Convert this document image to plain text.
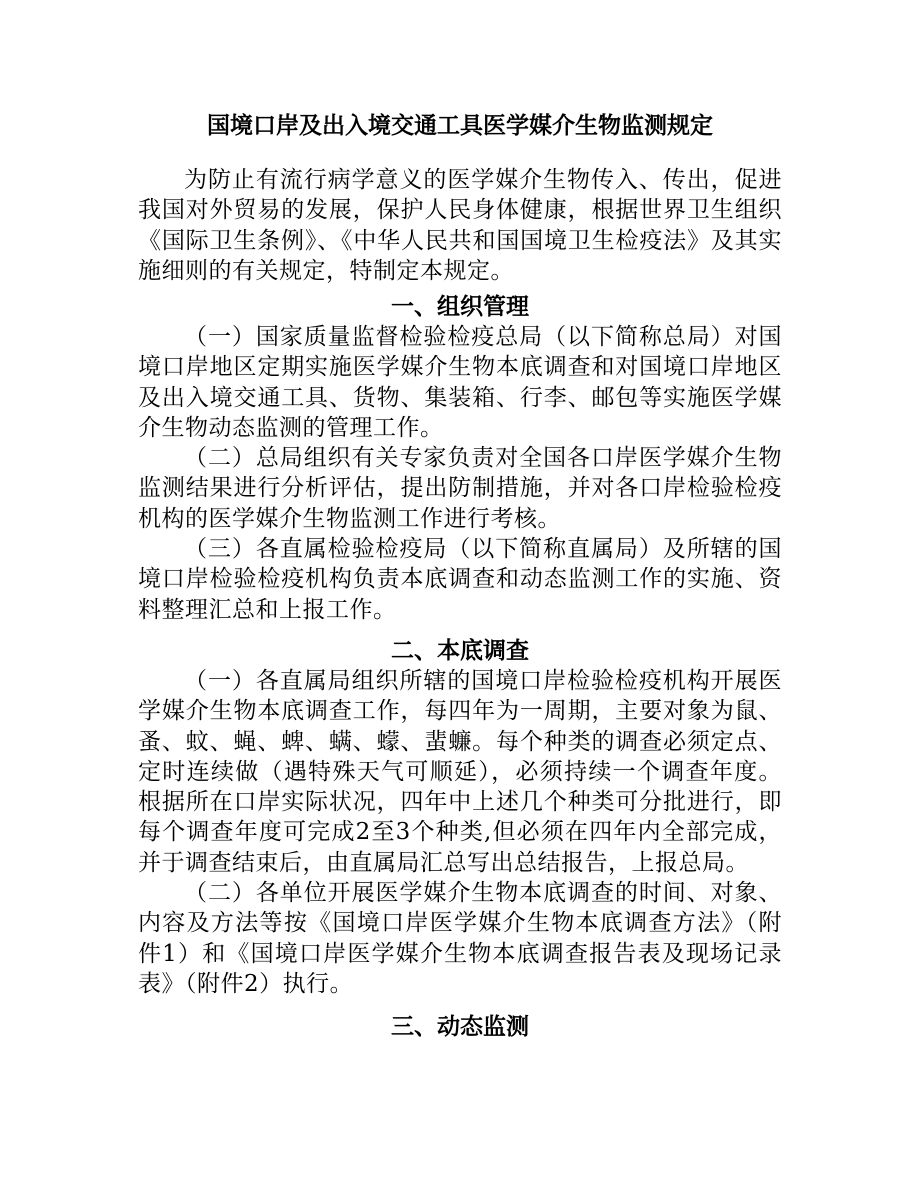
国境口岸及出入境交通工具医学媒介生物监测规定

为防止有流行病学意义的医学媒介生物传入、传出，促进我国对外贸易的发展，保护人民身体健康，根据世界卫生组织《国际卫生条例》、《中华人民共和国国境卫生检疫法》及其实施细则的有关规定，特制定本规定。

一、组织管理

（一）国家质量监督检验检疫总局（以下简称总局）对国境口岸地区定期实施医学媒介生物本底调查和对国境口岸地区及出入境交通工具、货物、集装箱、行李、邮包等实施医学媒介生物动态监测的管理工作。

（二）总局组织有关专家负责对全国各口岸医学媒介生物监测结果进行分析评估，提出防制措施，并对各口岸检验检疫机构的医学媒介生物监测工作进行考核。

（三）各直属检验检疫局（以下简称直属局）及所辖的国境口岸检验检疫机构负责本底调查和动态监测工作的实施、资料整理汇总和上报工作。

二、本底调查

（一）各直属局组织所辖的国境口岸检验检疫机构开展医学媒介生物本底调查工作，每四年为一周期，主要对象为鼠、蚤、蚊、蝇、蜱、螨、蠓、蜚蠊。每个种类的调查必须定点、定时连续做（遇特殊天气可顺延），必须持续一个调查年度。根据所在口岸实际状况，四年中上述几个种类可分批进行，即每个调查年度可完成2至3个种类,但必须在四年内全部完成，并于调查结束后，由直属局汇总写出总结报告，上报总局。

（二）各单位开展医学媒介生物本底调查的时间、对象、内容及方法等按《国境口岸医学媒介生物本底调查方法》（附件1）和《国境口岸医学媒介生物本底调查报告表及现场记录表》（附件2）执行。

三、动态监测
